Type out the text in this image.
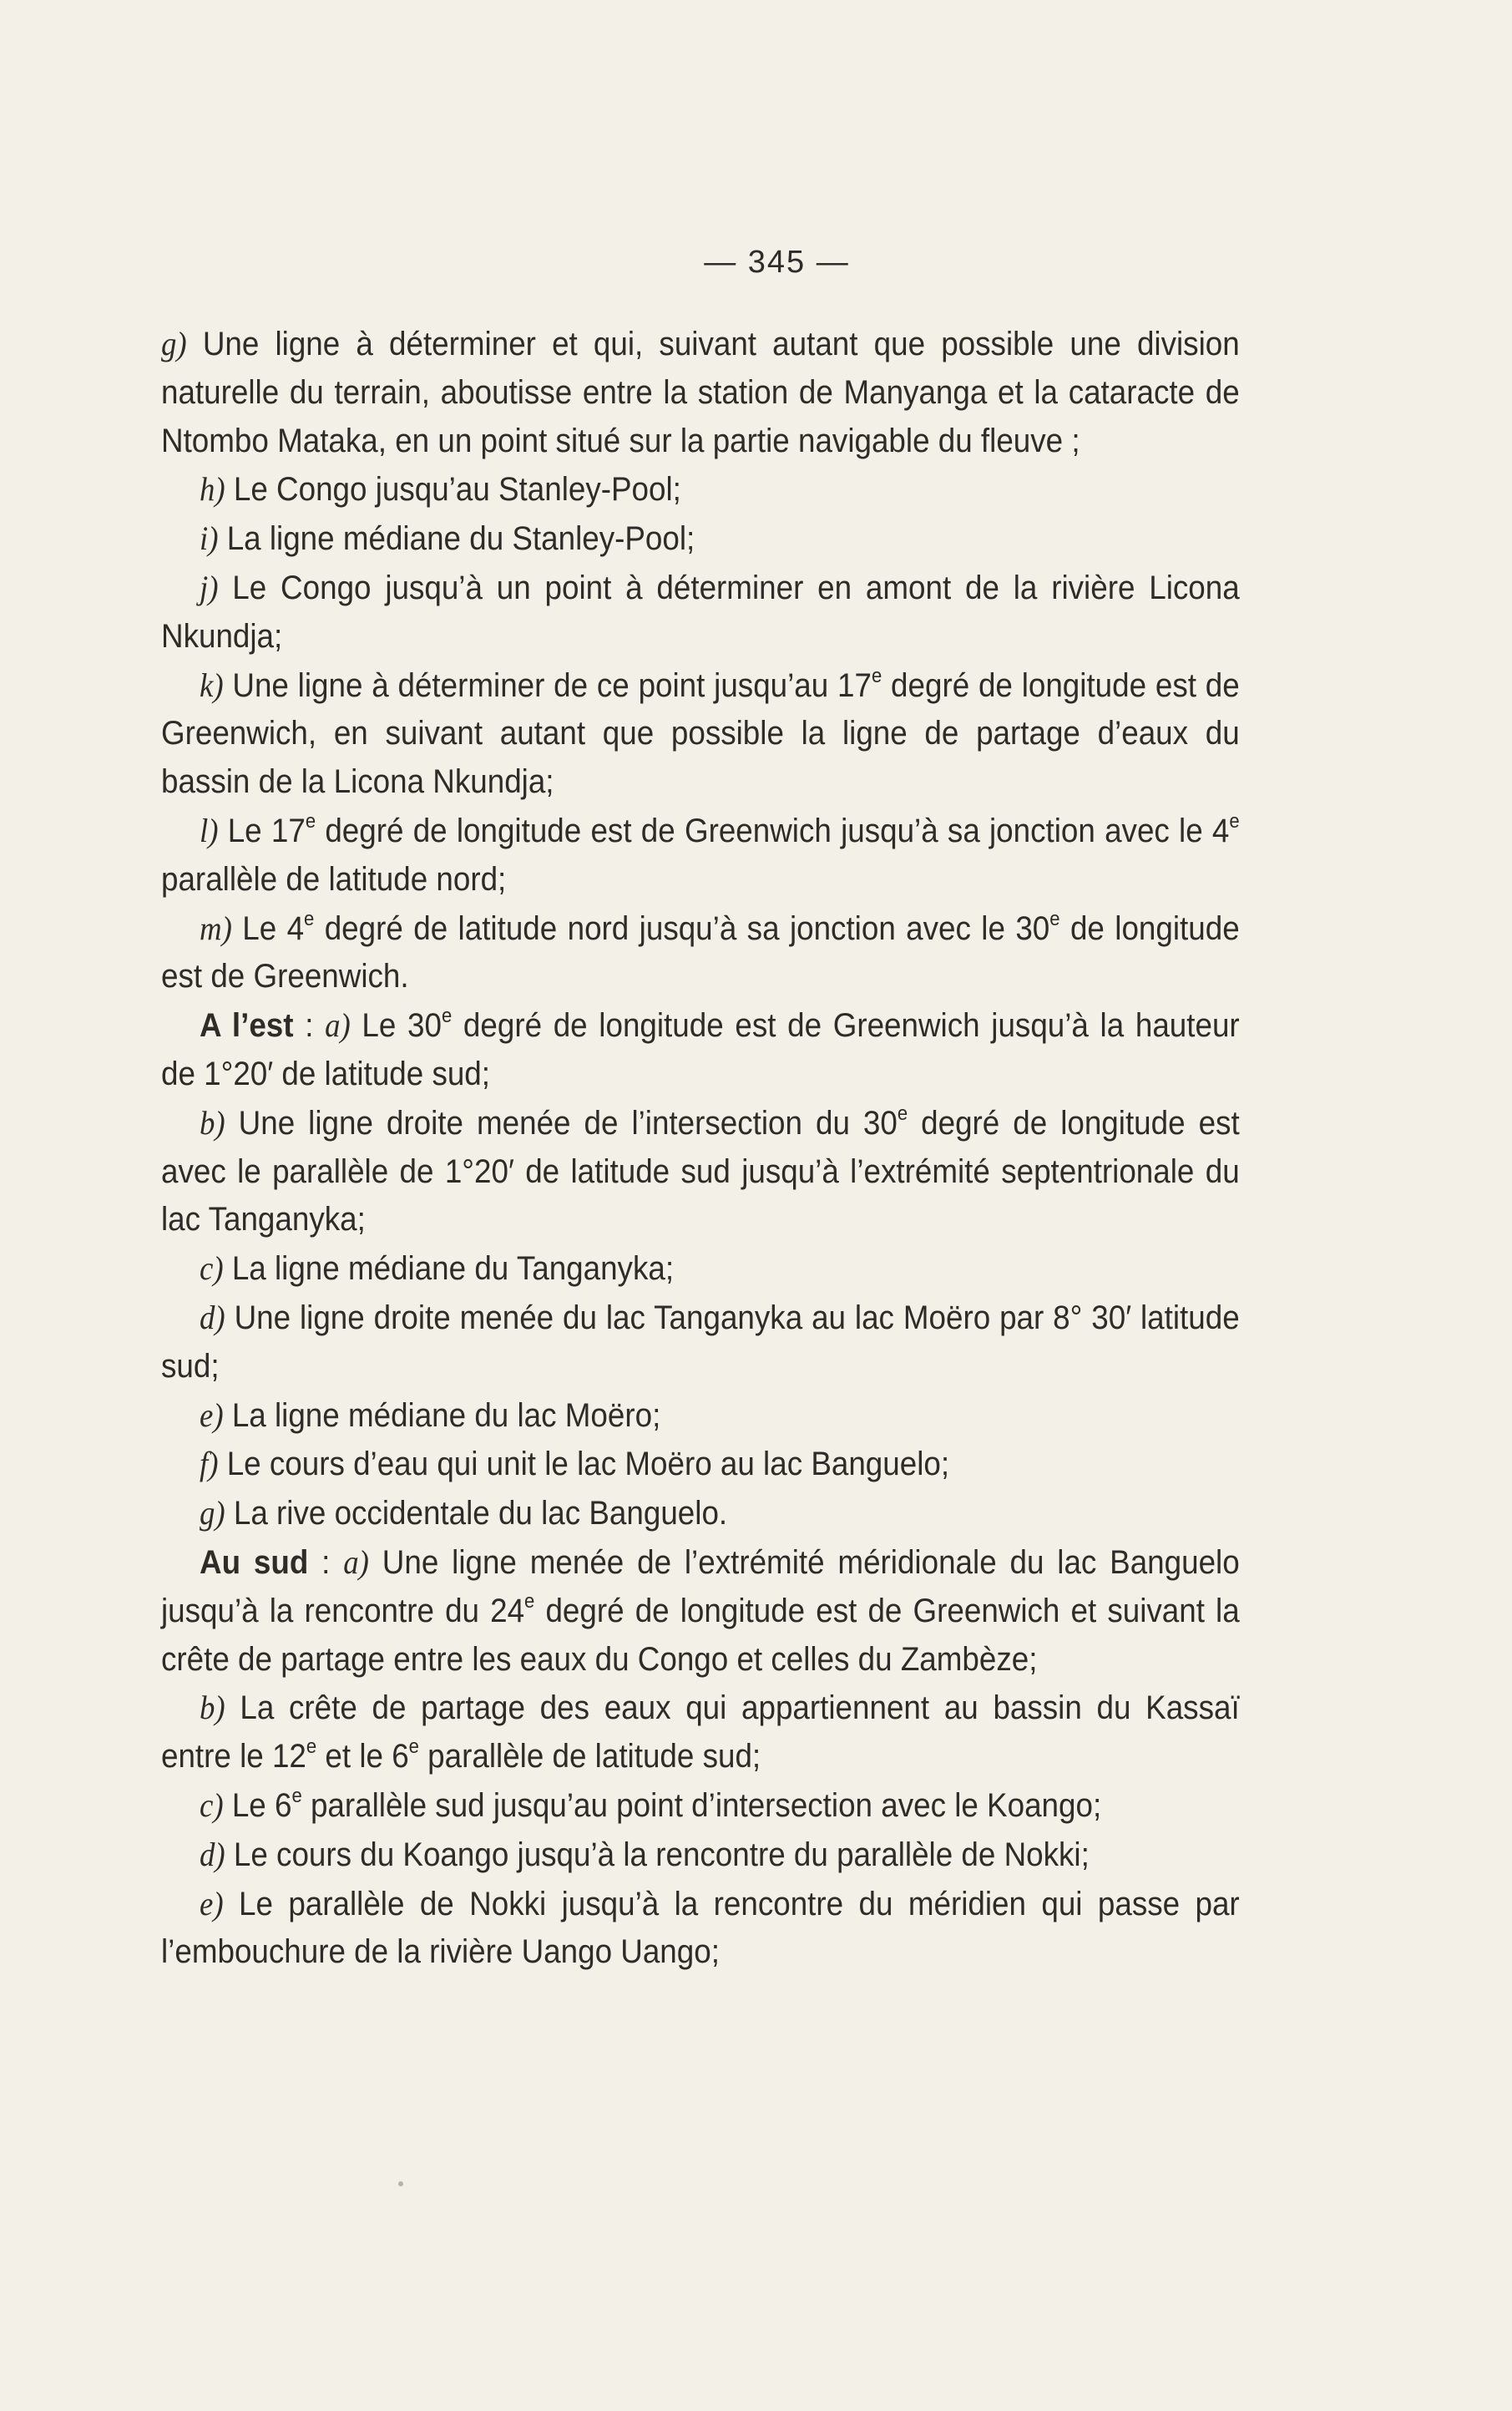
— 345 —

g) Une ligne à déterminer et qui, suivant autant que possible une division naturelle du terrain, aboutisse entre la station de Manyanga et la cataracte de Ntombo Mataka, en un point situé sur la partie navigable du fleuve ;

h) Le Congo jusqu’au Stanley-Pool;

i) La ligne médiane du Stanley-Pool;

j) Le Congo jusqu’à un point à déterminer en amont de la rivière Licona Nkundja;

k) Une ligne à déterminer de ce point jusqu’au 17e degré de longitude est de Greenwich, en suivant autant que possible la ligne de partage d’eaux du bassin de la Licona Nkundja;

l) Le 17e degré de longitude est de Greenwich jusqu’à sa jonction avec le 4e parallèle de latitude nord;

m) Le 4e degré de latitude nord jusqu’à sa jonction avec le 30e de longitude est de Greenwich.

A l’est : a) Le 30e degré de longitude est de Greenwich jusqu’à la hauteur de 1°20′ de latitude sud;

b) Une ligne droite menée de l’intersection du 30e degré de longitude est avec le parallèle de 1°20′ de latitude sud jusqu’à l’extrémité septentrionale du lac Tanganyka;

c) La ligne médiane du Tanganyka;

d) Une ligne droite menée du lac Tanganyka au lac Moëro par 8° 30′ latitude sud;

e) La ligne médiane du lac Moëro;

f) Le cours d’eau qui unit le lac Moëro au lac Banguelo;

g) La rive occidentale du lac Banguelo.

Au sud : a) Une ligne menée de l’extrémité méridionale du lac Banguelo jusqu’à la rencontre du 24e degré de longitude est de Greenwich et suivant la crête de partage entre les eaux du Congo et celles du Zambèze;

b) La crête de partage des eaux qui appartiennent au bassin du Kassaï entre le 12e et le 6e parallèle de latitude sud;

c) Le 6e parallèle sud jusqu’au point d’intersection avec le Koango;

d) Le cours du Koango jusqu’à la rencontre du parallèle de Nokki;

e) Le parallèle de Nokki jusqu’à la rencontre du méridien qui passe par l’embouchure de la rivière Uango Uango;
